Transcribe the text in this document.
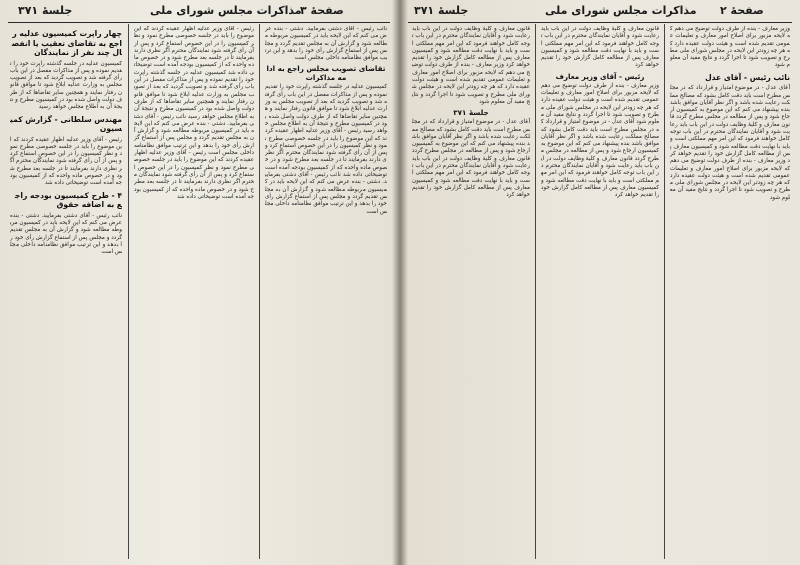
جلسهٔ ۳۷۱	مذاکرات مجلس شورای ملی
صفحهٔ ۳
چهار راپرت کمیسیون عدلیه راجع به تقاضای تعقیب یا انفصال چند نفر از نمایندگان
کمیسیون عدلیه در جلسه گذشته راپرت خود را تقدیم نموده و پس از مذاکرات مفصل در این باب رأی گرفته شد و تصویب گردید که بعد از تصویب مجلس به وزارت عدلیه ابلاغ شود تا موافق قانون رفتار نمایند و همچنین سایر تقاضاها که از طرف دولت واصل شده بود در کمیسیون مطرح و نتیجهٔ آن به اطلاع مجلس خواهد رسید
مهندس سلطانی - گزارش کمیسیون
رئیس - آقای وزیر عدلیه اظهار عقیده کردند که این موضوع را باید در جلسه خصوصی مطرح نمود و نظر کمیسیون را در این خصوص استماع کرد و پس از آن رأی گرفته شود نمایندگان محترم اگر نظری دارند بفرمایند تا در جلسه بعد مطرح شود و در خصوص ماده واحده که از کمیسیون بودجه آمده است توضیحاتی داده شد
۴ - طرح کمیسیون بودجه راجع به اضافه حقوق
نائب رئیس - آقای دشتی بفرمایید. دشتی - بنده عرض می کنم که این لایحه باید در کمیسیون مربوطه مطالعه شود و گزارش آن به مجلس تقدیم گردد و مجلس پس از استماع گزارش رأی خود را بدهد و این ترتیب موافق نظامنامه داخلی مجلس است
رئیس - آقای وزیر عدلیه اظهار عقیده کردند که این موضوع را باید در جلسه خصوصی مطرح نمود و نظر کمیسیون را در این خصوص استماع کرد و پس از آن رأی گرفته شود نمایندگان محترم اگر نظری دارند بفرمایند تا در جلسه بعد مطرح شود و در خصوص ماده واحده که از کمیسیون بودجه آمده است توضیحاتی داده شد کمیسیون عدلیه در جلسه گذشته راپرت خود را تقدیم نموده و پس از مذاکرات مفصل در این باب رأی گرفته شد و تصویب گردید که بعد از تصویب مجلس به وزارت عدلیه ابلاغ شود تا موافق قانون رفتار نمایند و همچنین سایر تقاضاها که از طرف دولت واصل شده بود در کمیسیون مطرح و نتیجهٔ آن به اطلاع مجلس خواهد رسید نائب رئیس - آقای دشتی بفرمایید. دشتی - بنده عرض می کنم که این لایحه باید در کمیسیون مربوطه مطالعه شود و گزارش آن به مجلس تقدیم گردد و مجلس پس از استماع گزارش رأی خود را بدهد و این ترتیب موافق نظامنامه داخلی مجلس است رئیس - آقای وزیر عدلیه اظهار عقیده کردند که این موضوع را باید در جلسه خصوصی مطرح نمود و نظر کمیسیون را در این خصوص استماع کرد و پس از آن رأی گرفته شود نمایندگان محترم اگر نظری دارند بفرمایند تا در جلسه بعد مطرح شود و در خصوص ماده واحده که از کمیسیون بودجه آمده است توضیحاتی داده شد
نائب رئیس - آقای دشتی بفرمایید. دشتی - بنده عرض می کنم که این لایحه باید در کمیسیون مربوطه مطالعه شود و گزارش آن به مجلس تقدیم گردد و مجلس پس از استماع گزارش رأی خود را بدهد و این ترتیب موافق نظامنامه داخلی مجلس است
تقاضای تصویب مجلس راجع به ادامه مذاکرات
کمیسیون عدلیه در جلسه گذشته راپرت خود را تقدیم نموده و پس از مذاکرات مفصل در این باب رأی گرفته شد و تصویب گردید که بعد از تصویب مجلس به وزارت عدلیه ابلاغ شود تا موافق قانون رفتار نمایند و همچنین سایر تقاضاها که از طرف دولت واصل شده بود در کمیسیون مطرح و نتیجهٔ آن به اطلاع مجلس خواهد رسید رئیس - آقای وزیر عدلیه اظهار عقیده کردند که این موضوع را باید در جلسه خصوصی مطرح نمود و نظر کمیسیون را در این خصوص استماع کرد و پس از آن رأی گرفته شود نمایندگان محترم اگر نظری دارند بفرمایند تا در جلسه بعد مطرح شود و در خصوص ماده واحده که از کمیسیون بودجه آمده است توضیحاتی داده شد نائب رئیس - آقای دشتی بفرمایید. دشتی - بنده عرض می کنم که این لایحه باید در کمیسیون مربوطه مطالعه شود و گزارش آن به مجلس تقدیم گردد و مجلس پس از استماع گزارش رأی خود را بدهد و این ترتیب موافق نظامنامه داخلی مجلس است
جلسهٔ ۳۷۱	مذاکرات مجلس شورای ملی صفحهٔ ۲
قانون معارف و کلیهٔ وظایف دولت در این باب باید رعایت شود و آقایان نمایندگان محترم در این باب توجه کامل خواهند فرمود که این امر مهم مملکتی است و باید با نهایت دقت مطالعه شود و کمیسیون معارف پس از مطالعه کامل گزارش خود را تقدیم خواهد کرد وزیر معارف - بنده از طرف دولت توضیح می دهم که لایحه مزبور برای اصلاح امور معارف و تعلیمات عمومی تقدیم شده است و هیئت دولت عقیده دارد که هر چه زودتر این لایحه در مجلس شورای ملی مطرح و تصویب شود تا اجرا گردد و نتایج مفید آن معلوم شود
جلسهٔ ۳۷۱
آقای عدل - در موضوع امتیاز و قرارداد که در مجلس مطرح است باید دقت کامل بشود که مصالح مملکت رعایت شده باشد و اگر نظر آقایان موافق باشد بنده پیشنهاد می کنم که این موضوع به کمیسیون ارجاع شود و پس از مطالعه در مجلس مطرح گردد قانون معارف و کلیهٔ وظایف دولت در این باب باید رعایت شود و آقایان نمایندگان محترم در این باب توجه کامل خواهند فرمود که این امر مهم مملکتی است و باید با نهایت دقت مطالعه شود و کمیسیون معارف پس از مطالعه کامل گزارش خود را تقدیم خواهد کرد
قانون معارف و کلیهٔ وظایف دولت در این باب باید رعایت شود و آقایان نمایندگان محترم در این باب توجه کامل خواهند فرمود که این امر مهم مملکتی است و باید با نهایت دقت مطالعه شود و کمیسیون معارف پس از مطالعه کامل گزارش خود را تقدیم خواهد کرد
رئیس - آقای وزیر معارف
وزیر معارف - بنده از طرف دولت توضیح می دهم که لایحه مزبور برای اصلاح امور معارف و تعلیمات عمومی تقدیم شده است و هیئت دولت عقیده دارد که هر چه زودتر این لایحه در مجلس شورای ملی مطرح و تصویب شود تا اجرا گردد و نتایج مفید آن معلوم شود آقای عدل - در موضوع امتیاز و قرارداد که در مجلس مطرح است باید دقت کامل بشود که مصالح مملکت رعایت شده باشد و اگر نظر آقایان موافق باشد بنده پیشنهاد می کنم که این موضوع به کمیسیون ارجاع شود و پس از مطالعه در مجلس مطرح گردد قانون معارف و کلیهٔ وظایف دولت در این باب باید رعایت شود و آقایان نمایندگان محترم در این باب توجه کامل خواهند فرمود که این امر مهم مملکتی است و باید با نهایت دقت مطالعه شود و کمیسیون معارف پس از مطالعه کامل گزارش خود را تقدیم خواهد کرد
وزیر معارف - بنده از طرف دولت توضیح می دهم که لایحه مزبور برای اصلاح امور معارف و تعلیمات عمومی تقدیم شده است و هیئت دولت عقیده دارد که هر چه زودتر این لایحه در مجلس شورای ملی مطرح و تصویب شود تا اجرا گردد و نتایج مفید آن معلوم شود
نائب رئیس - آقای عدل
آقای عدل - در موضوع امتیاز و قرارداد که در مجلس مطرح است باید دقت کامل بشود که مصالح مملکت رعایت شده باشد و اگر نظر آقایان موافق باشد بنده پیشنهاد می کنم که این موضوع به کمیسیون ارجاع شود و پس از مطالعه در مجلس مطرح گردد قانون معارف و کلیهٔ وظایف دولت در این باب باید رعایت شود و آقایان نمایندگان محترم در این باب توجه کامل خواهند فرمود که این امر مهم مملکتی است و باید با نهایت دقت مطالعه شود و کمیسیون معارف پس از مطالعه کامل گزارش خود را تقدیم خواهد کرد وزیر معارف - بنده از طرف دولت توضیح می دهم که لایحه مزبور برای اصلاح امور معارف و تعلیمات عمومی تقدیم شده است و هیئت دولت عقیده دارد که هر چه زودتر این لایحه در مجلس شورای ملی مطرح و تصویب شود تا اجرا گردد و نتایج مفید آن معلوم شود
